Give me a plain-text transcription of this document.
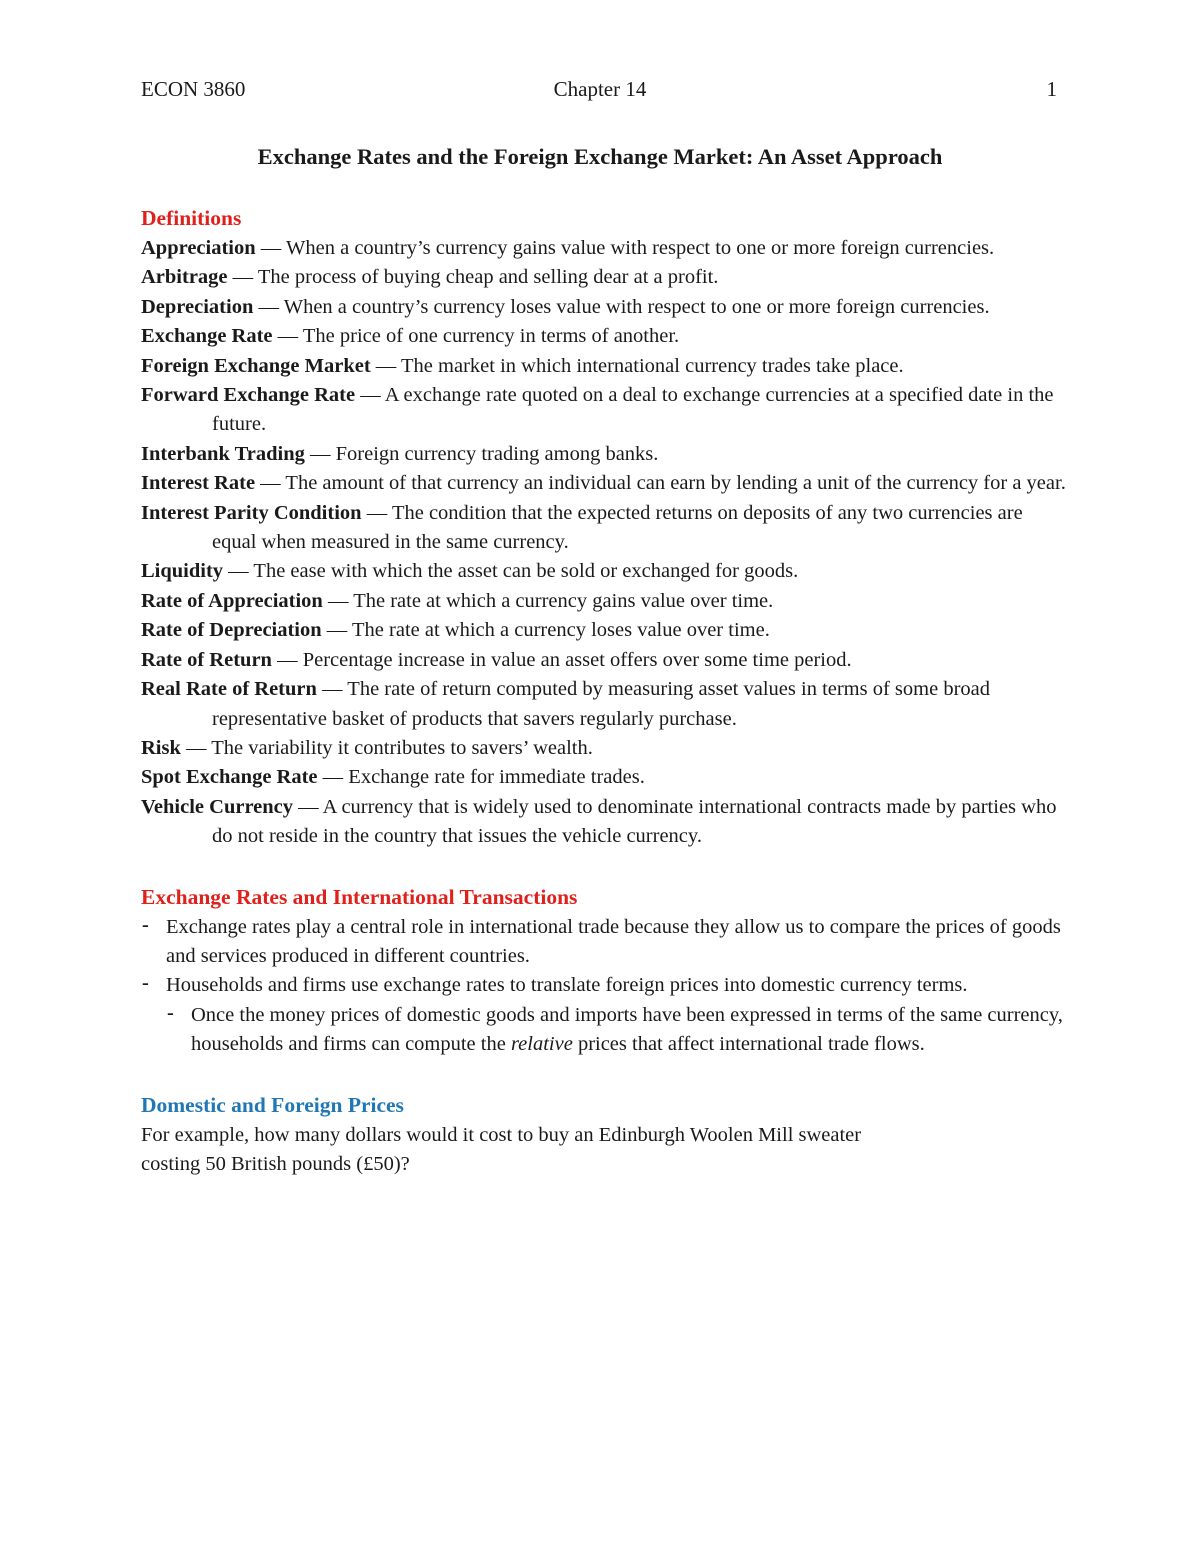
ECON 3860	Chapter 14	1
Exchange Rates and the Foreign Exchange Market: An Asset Approach
Definitions
Appreciation — When a country’s currency gains value with respect to one or more foreign currencies.
Arbitrage — The process of buying cheap and selling dear at a profit.
Depreciation — When a country’s currency loses value with respect to one or more foreign currencies.
Exchange Rate — The price of one currency in terms of another.
Foreign Exchange Market — The market in which international currency trades take place.
Forward Exchange Rate — A exchange rate quoted on a deal to exchange currencies at a specified date in the future.
Interbank Trading — Foreign currency trading among banks.
Interest Rate — The amount of that currency an individual can earn by lending a unit of the currency for a year.
Interest Parity Condition — The condition that the expected returns on deposits of any two currencies are equal when measured in the same currency.
Liquidity — The ease with which the asset can be sold or exchanged for goods.
Rate of Appreciation — The rate at which a currency gains value over time.
Rate of Depreciation — The rate at which a currency loses value over time.
Rate of Return — Percentage increase in value an asset offers over some time period.
Real Rate of Return — The rate of return computed by measuring asset values in terms of some broad representative basket of products that savers regularly purchase.
Risk — The variability it contributes to savers’ wealth.
Spot Exchange Rate — Exchange rate for immediate trades.
Vehicle Currency — A currency that is widely used to denominate international contracts made by parties who do not reside in the country that issues the vehicle currency.
Exchange Rates and International Transactions
- Exchange rates play a central role in international trade because they allow us to compare the prices of goods and services produced in different countries.
- Households and firms use exchange rates to translate foreign prices into domestic currency terms.
- Once the money prices of domestic goods and imports have been expressed in terms of the same currency, households and firms can compute the relative prices that affect international trade flows.
Domestic and Foreign Prices
For example, how many dollars would it cost to buy an Edinburgh Woolen Mill sweater
costing 50 British pounds (£50)?
